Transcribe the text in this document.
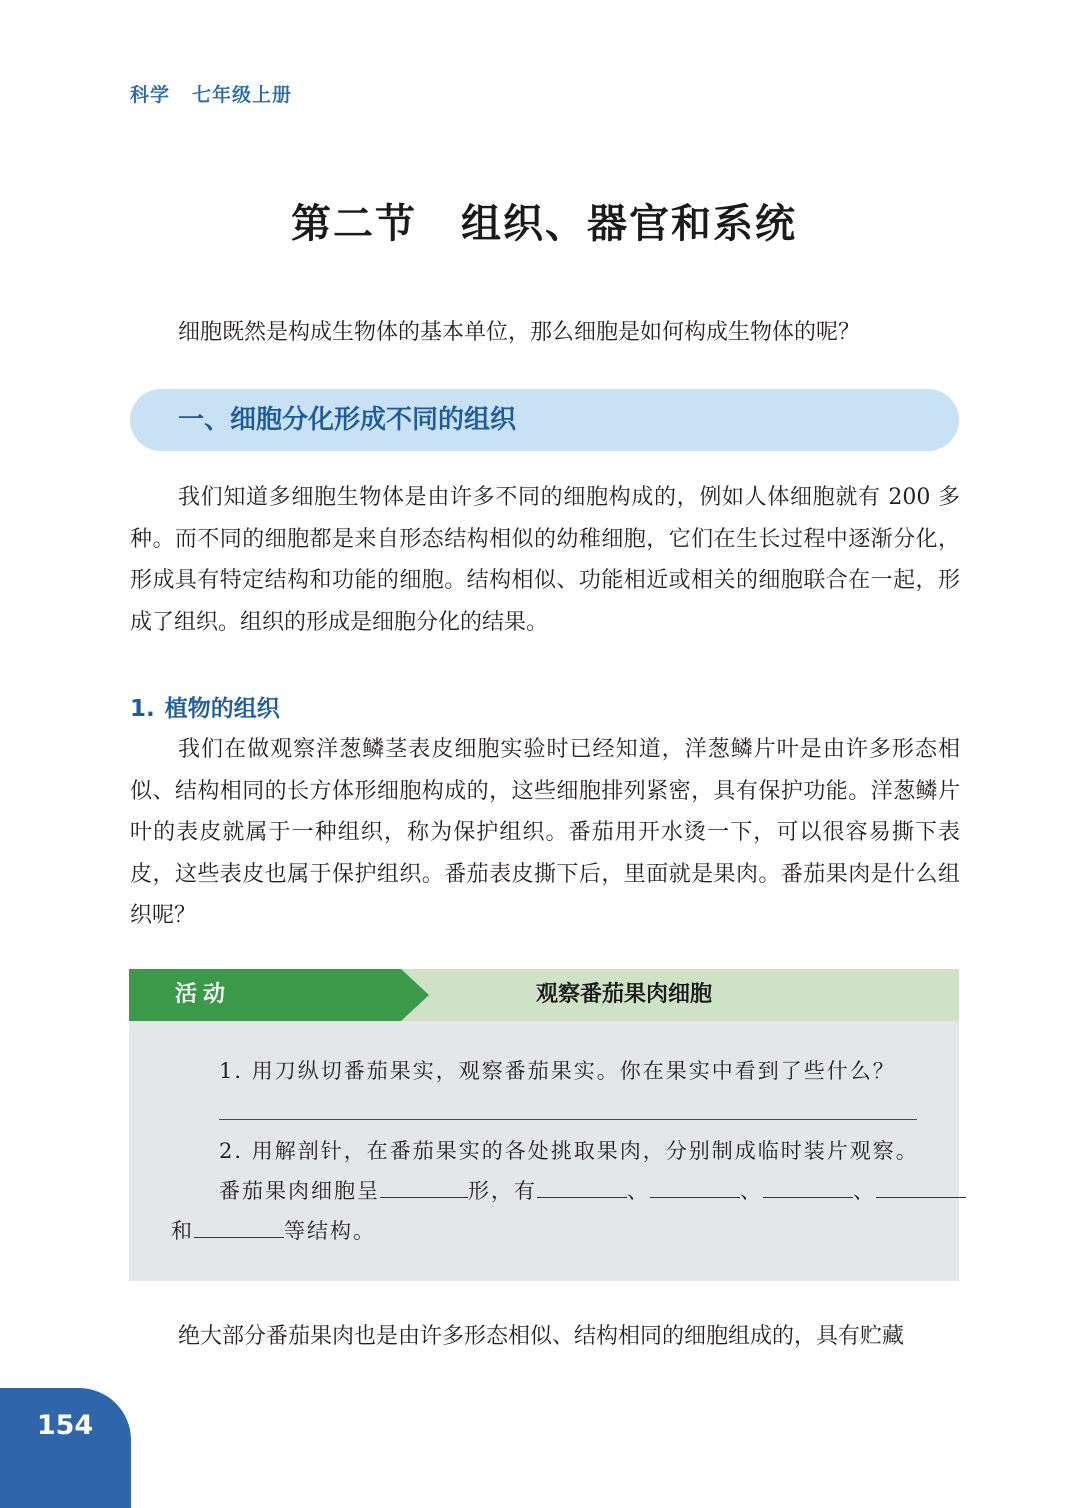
科学 七年级上册
第二节 组织、器官和系统

细胞既然是构成生物体的基本单位，那么细胞是如何构成生物体的呢？

一、细胞分化形成不同的组织

我们知道多细胞生物体是由许多不同的细胞构成的，例如人体细胞就有 200 多种。而不同的细胞都是来自形态结构相似的幼稚细胞，它们在生长过程中逐渐分化，形成具有特定结构和功能的细胞。结构相似、功能相近或相关的细胞联合在一起，形成了组织。组织的形成是细胞分化的结果。

1. 植物的组织

我们在做观察洋葱鳞茎表皮细胞实验时已经知道，洋葱鳞片叶是由许多形态相似、结构相同的长方体形细胞构成的，这些细胞排列紧密，具有保护功能。洋葱鳞片叶的表皮就属于一种组织，称为保护组织。番茄用开水烫一下，可以很容易撕下表皮，这些表皮也属于保护组织。番茄表皮撕下后，里面就是果肉。番茄果肉是什么组织呢？

活动	观察番茄果肉细胞
1. 用刀纵切番茄果实，观察番茄果实。你在果实中看到了些什么？
2. 用解剖针，在番茄果实的各处挑取果肉，分别制成临时装片观察。
番茄果肉细胞呈	形，有	、	、	、
和	等结构。

绝大部分番茄果肉也是由许多形态相似、结构相同的细胞组成的，具有贮藏

154
